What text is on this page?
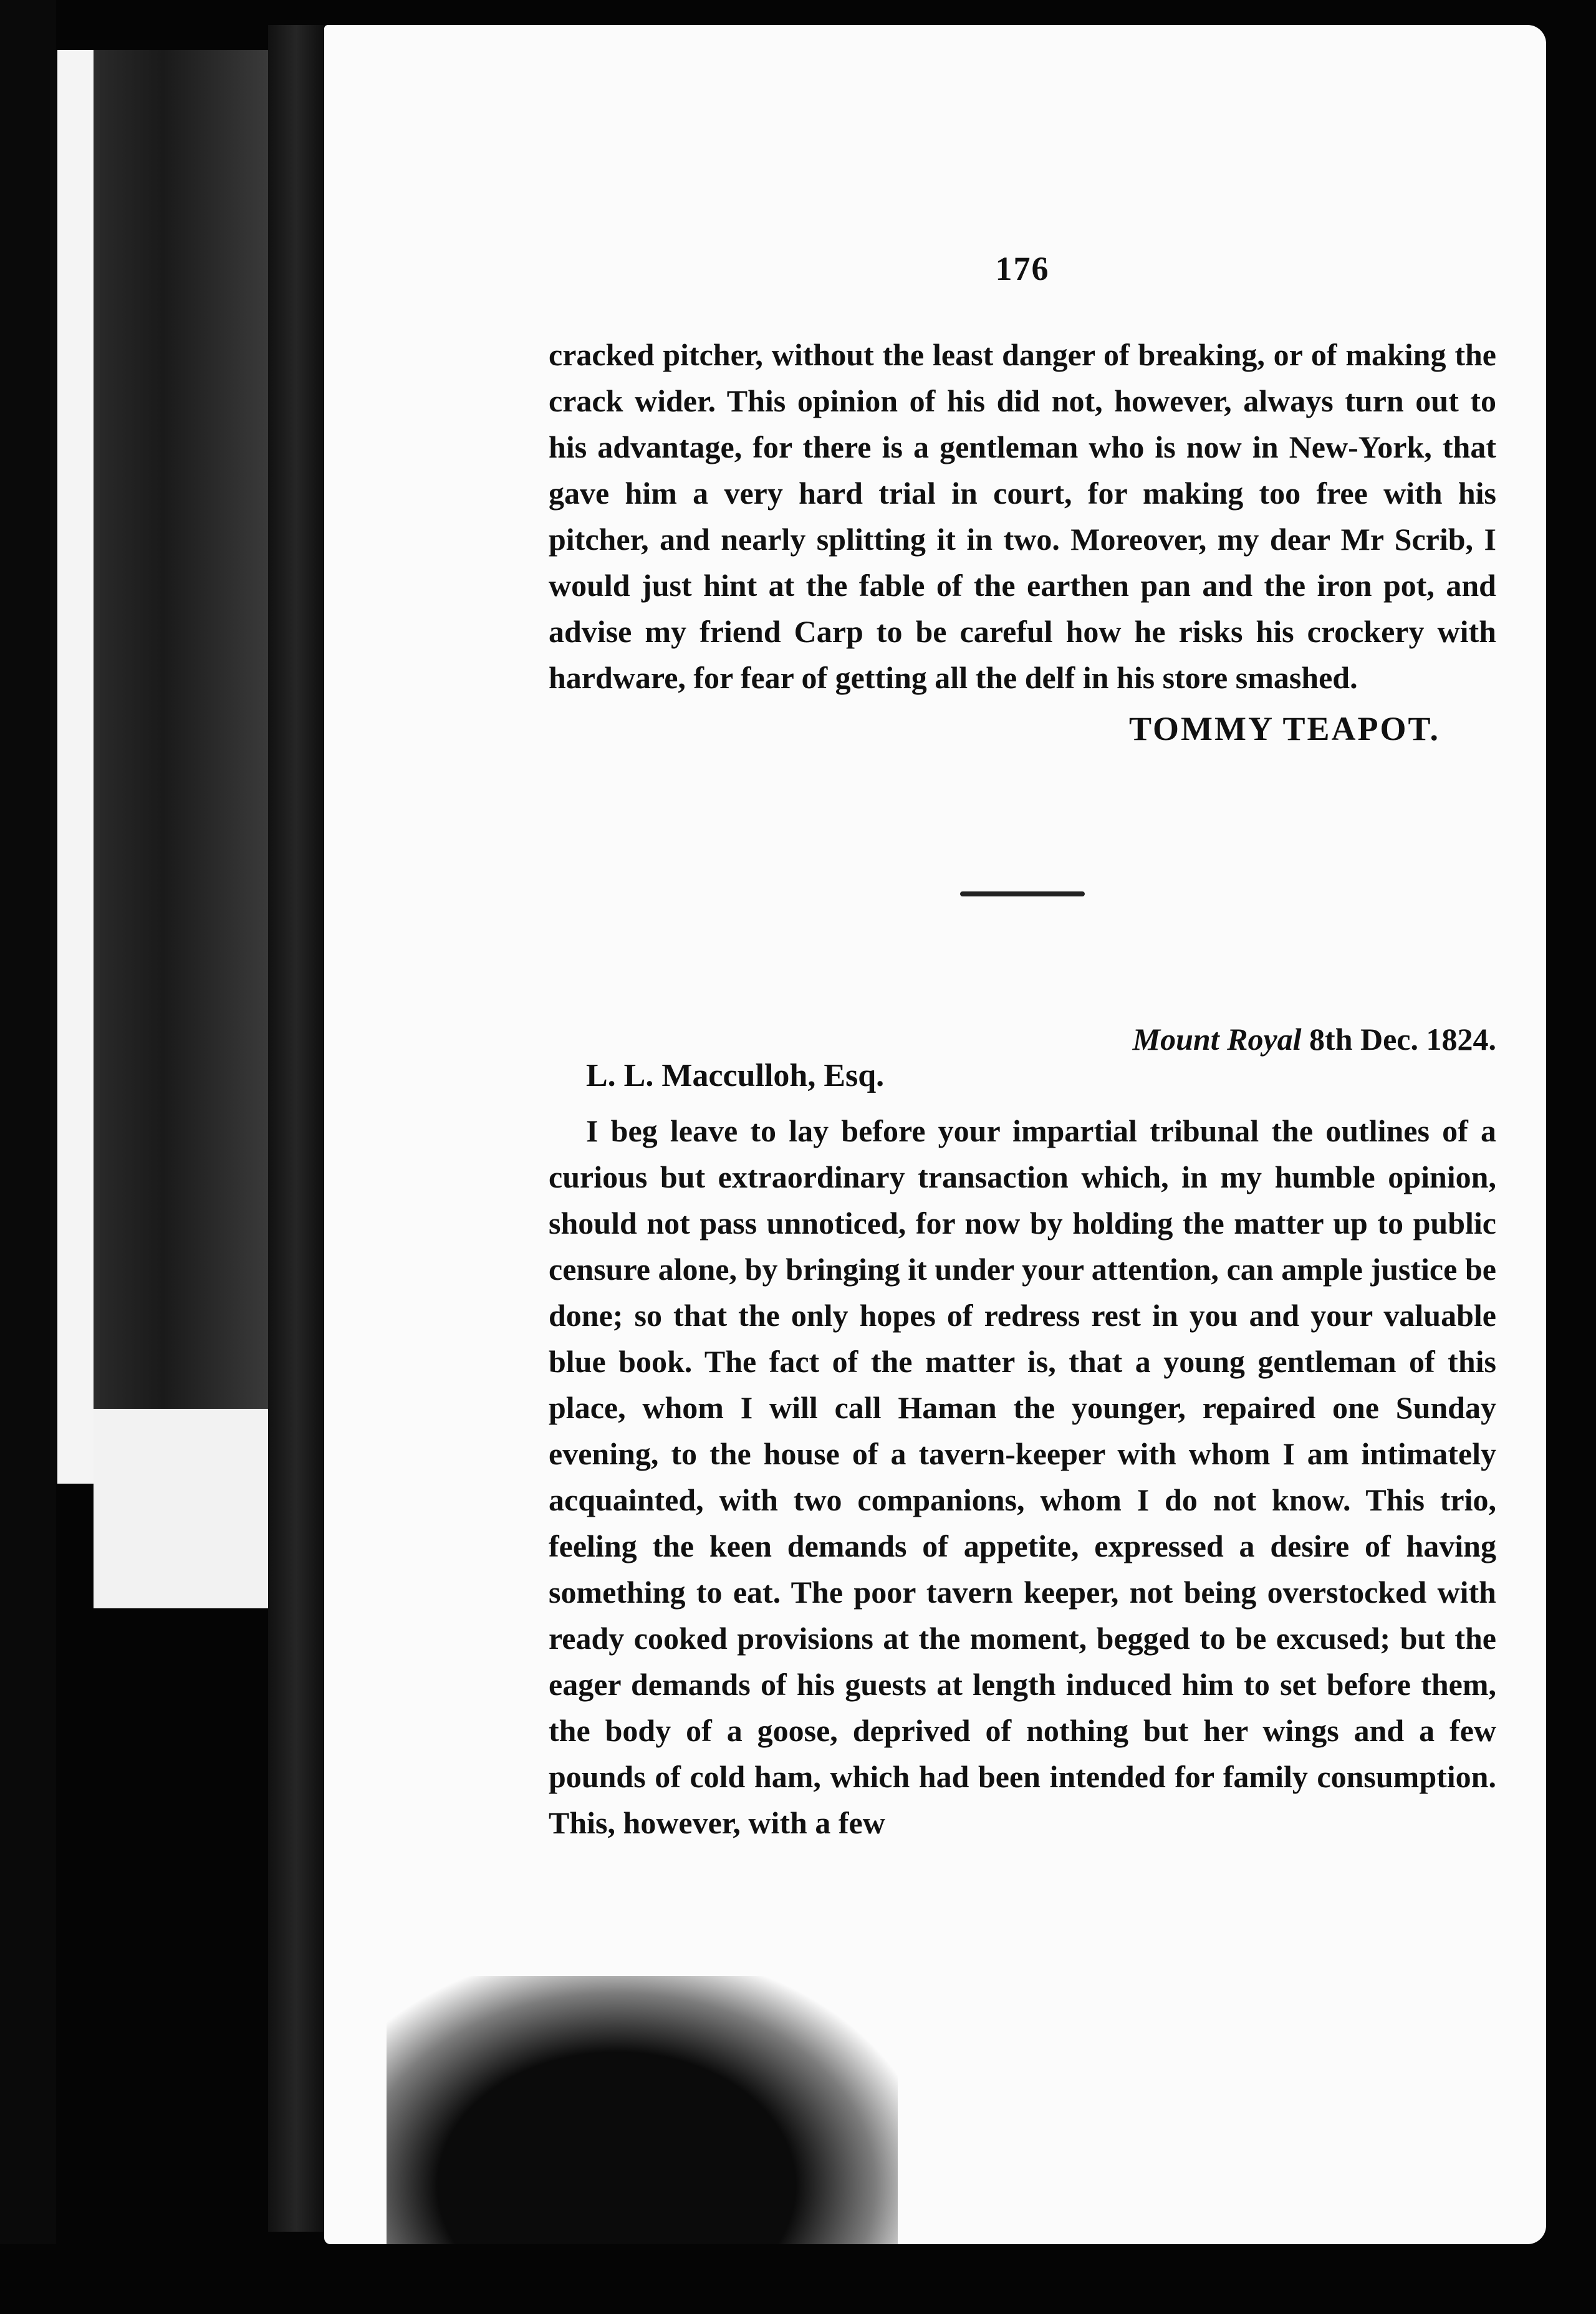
176

cracked pitcher, without the least danger of breaking, or of making the crack wider. This opinion of his did not, however, always turn out to his advantage, for there is a gentleman who is now in New-York, that gave him a very hard trial in court, for making too free with his pitcher, and nearly splitting it in two. Moreover, my dear Mr Scrib, I would just hint at the fable of the earthen pan and the iron pot, and advise my friend Carp to be careful how he risks his crockery with hardware, for fear of getting all the delf in his store smashed.

TOMMY TEAPOT.
Mount Royal 8th Dec. 1824.
L. L. Macculloh, Esq.

I beg leave to lay before your impartial tribunal the outlines of a curious but extraordinary transaction which, in my humble opinion, should not pass unnoticed, for now by holding the matter up to public censure alone, by bringing it under your attention, can ample justice be done; so that the only hopes of redress rest in you and your valuable blue book. The fact of the matter is, that a young gentleman of this place, whom I will call Haman the younger, repaired one Sunday evening, to the house of a tavern-keeper with whom I am intimately acquainted, with two companions, whom I do not know. This trio, feeling the keen demands of appetite, expressed a desire of having something to eat. The poor tavern keeper, not being overstocked with ready cooked provisions at the moment, begged to be excused; but the eager demands of his guests at length induced him to set before them, the body of a goose, deprived of nothing but her wings and a few pounds of cold ham, which had been intended for family consumption. This, however, with a few
